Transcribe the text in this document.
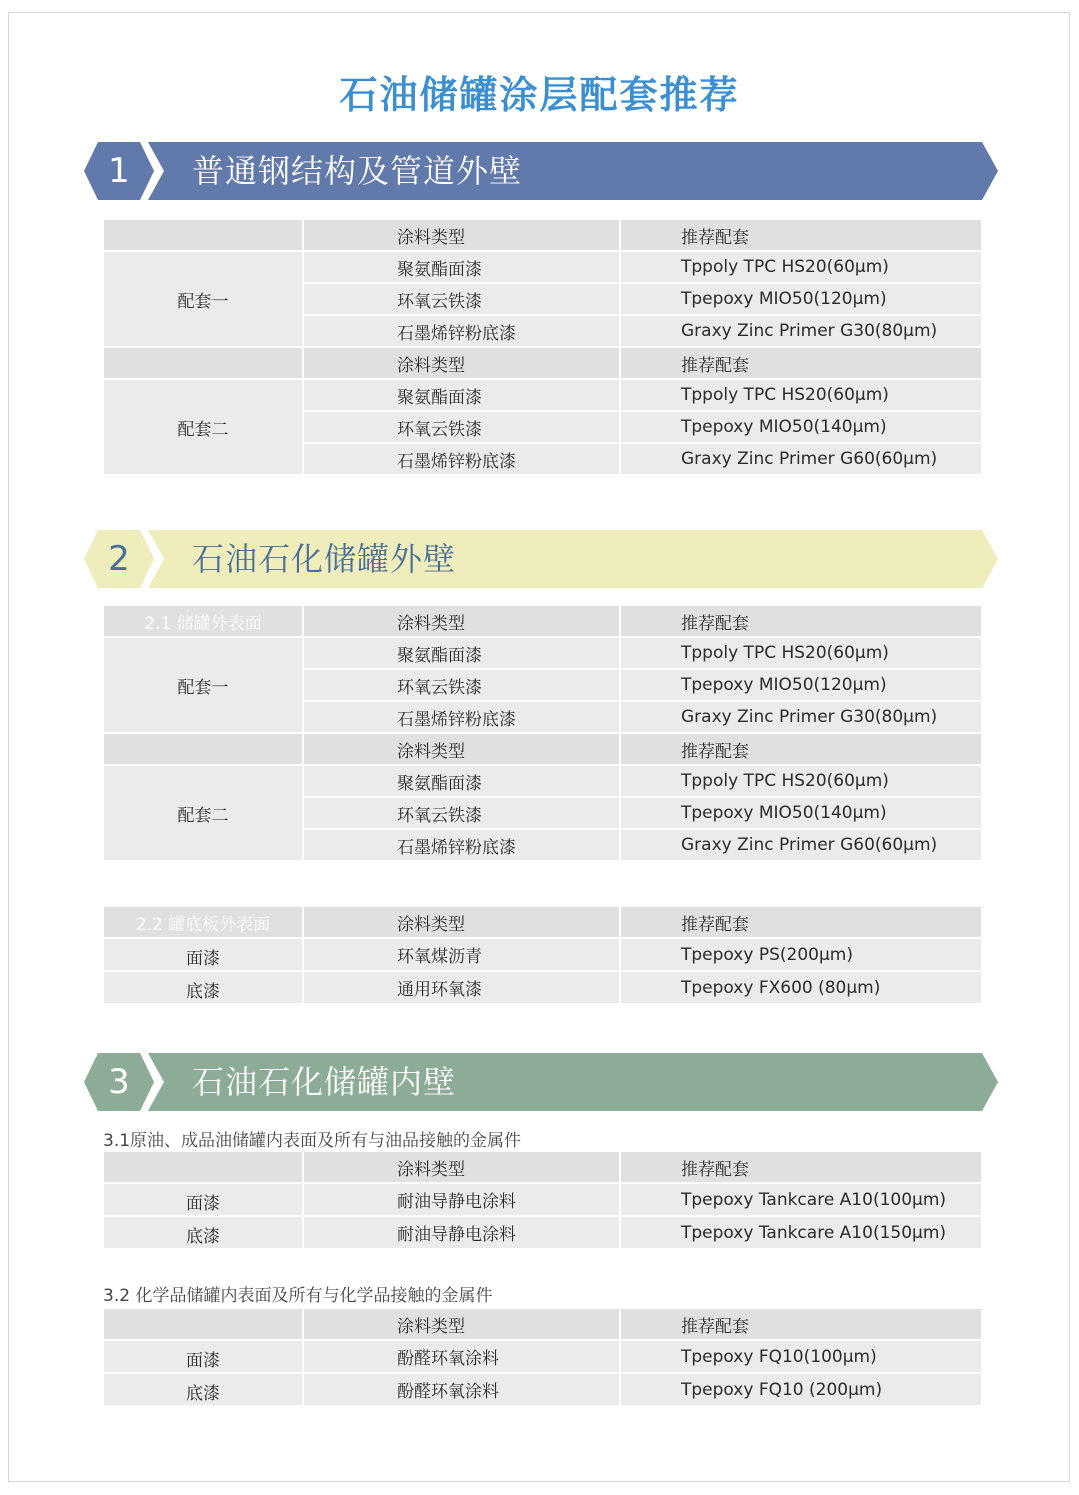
石油储罐涂层配套推荐
1	普通钢结构及管道外壁
	涂料类型	推荐配套
配套一	聚氨酯面漆	Tppoly TPC HS20(60μm)
	环氧云铁漆	Tpepoxy MIO50(120μm)
	石墨烯锌粉底漆	Graxy Zinc Primer G30(80μm)
	涂料类型	推荐配套
配套二	聚氨酯面漆	Tppoly TPC HS20(60μm)
	环氧云铁漆	Tpepoxy MIO50(140μm)
	石墨烯锌粉底漆	Graxy Zinc Primer G60(60μm)
2	石油石化储罐外壁
2.1 储罐外表面	涂料类型	推荐配套
配套一	聚氨酯面漆	Tppoly TPC HS20(60μm)
	环氧云铁漆	Tpepoxy MIO50(120μm)
	石墨烯锌粉底漆	Graxy Zinc Primer G30(80μm)
	涂料类型	推荐配套
配套二	聚氨酯面漆	Tppoly TPC HS20(60μm)
	环氧云铁漆	Tpepoxy MIO50(140μm)
	石墨烯锌粉底漆	Graxy Zinc Primer G60(60μm)
2.2 罐底板外表面	涂料类型	推荐配套
面漆	环氧煤沥青	Tpepoxy PS(200μm)
底漆	通用环氧漆	Tpepoxy FX600 (80μm)
3	石油石化储罐内壁
3.1原油、成品油储罐内表面及所有与油品接触的金属件
	涂料类型	推荐配套
面漆	耐油导静电涂料	Tpepoxy Tankcare A10(100μm)
底漆	耐油导静电涂料	Tpepoxy Tankcare A10(150μm)
3.2 化学品储罐内表面及所有与化学品接触的金属件
	涂料类型	推荐配套
面漆	酚醛环氧涂料	Tpepoxy FQ10(100μm)
底漆	酚醛环氧涂料	Tpepoxy FQ10 (200μm)
